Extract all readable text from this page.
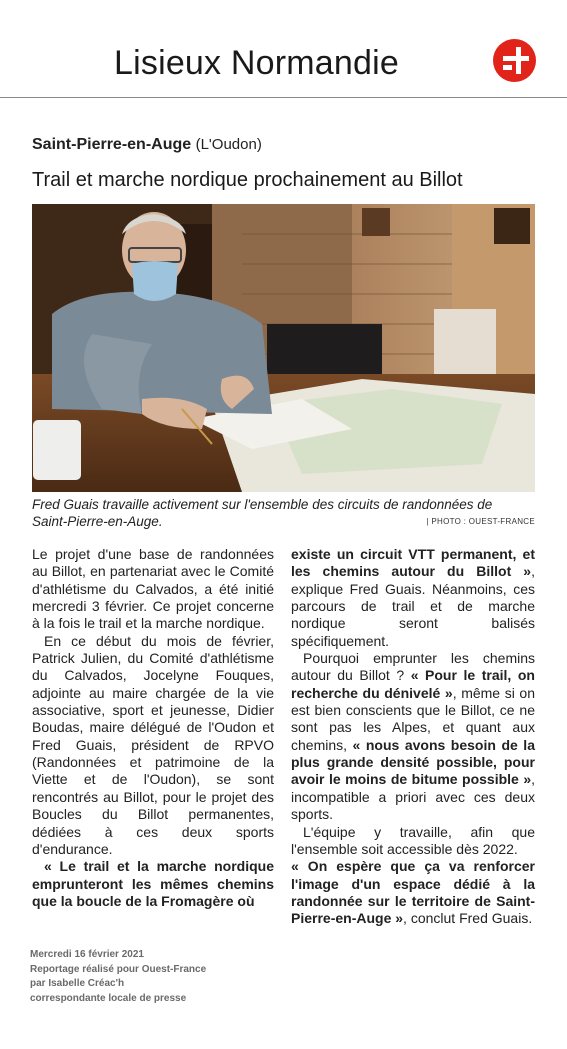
Lisieux Normandie
Saint-Pierre-en-Auge (L'Oudon)
Trail et marche nordique prochainement au Billot
Fred Guais travaille activement sur l'ensemble des circuits de randonnées de
Saint-Pierre-en-Auge.	| PHOTO : OUEST-FRANCE

Le projet d'une base de randonnées au Billot, en partenariat avec le Comité d'athlétisme du Calvados, a été initié mercredi 3 février. Ce projet concerne à la fois le trail et la marche nordique.

En ce début du mois de février, Patrick Julien, du Comité d'athlétisme du Calvados, Jocelyne Fouques, adjointe au maire chargée de la vie associative, sport et jeunesse, Didier Boudas, maire délégué de l'Oudon et Fred Guais, président de RPVO (Randonnées et patrimoine de la Viette et de l'Oudon), se sont rencontrés au Billot, pour le projet des Boucles du Billot permanentes, dédiées à ces deux sports d'endurance.

« Le trail et la marche nordique emprunteront les mêmes chemins que la boucle de la Fromagère où

existe un circuit VTT permanent, et les chemins autour du Billot », explique Fred Guais. Néanmoins, ces parcours de trail et de marche nordique seront balisés spécifiquement.

Pourquoi emprunter les chemins autour du Billot ? « Pour le trail, on recherche du dénivelé », même si on est bien conscients que le Billot, ce ne sont pas les Alpes, et quant aux chemins, « nous avons besoin de la plus grande densité possible, pour avoir le moins de bitume possible », incompatible a priori avec ces deux sports.

L'équipe y travaille, afin que l'ensemble soit accessible dès 2022.

« On espère que ça va renforcer l'image d'un espace dédié à la randonnée sur le territoire de Saint-Pierre-en-Auge », conclut Fred Guais.

Mercredi 16 février 2021
Reportage réalisé pour Ouest-France
par Isabelle Créac'h
correspondante locale de presse
